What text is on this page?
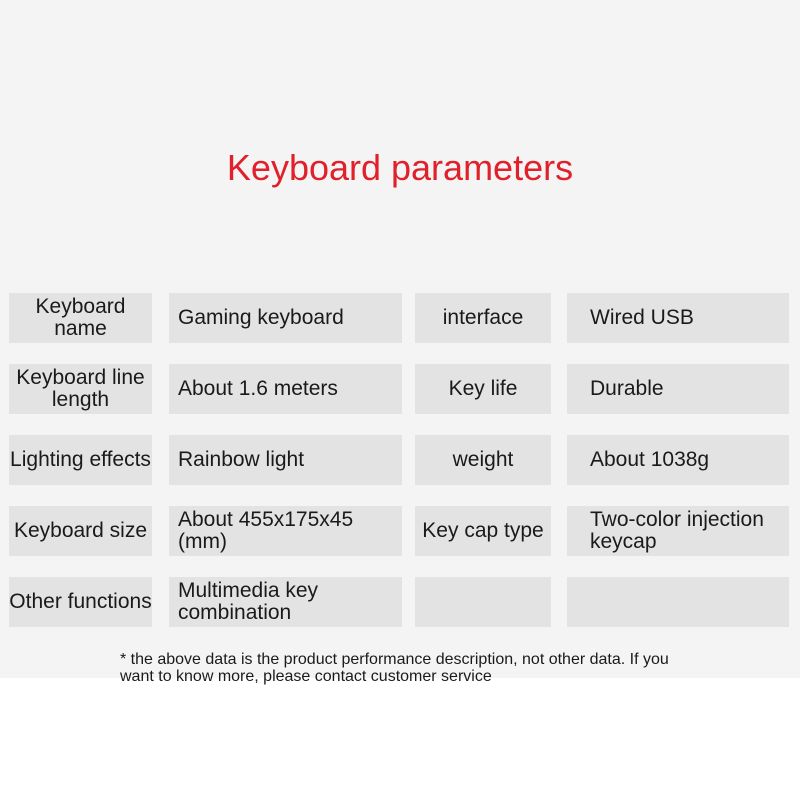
Keyboard parameters
Keyboard name	Gaming keyboard	interface	Wired USB
Keyboard line length	About 1.6 meters	Key life	Durable
Lighting effects	Rainbow light	weight	About 1038g
Keyboard size	About 455x175x45 (mm)	Key cap type	Two-color injection keycap
Other functions	Multimedia key combination

* the above data is the product performance description, not other data. If you want to know more, please contact customer service
